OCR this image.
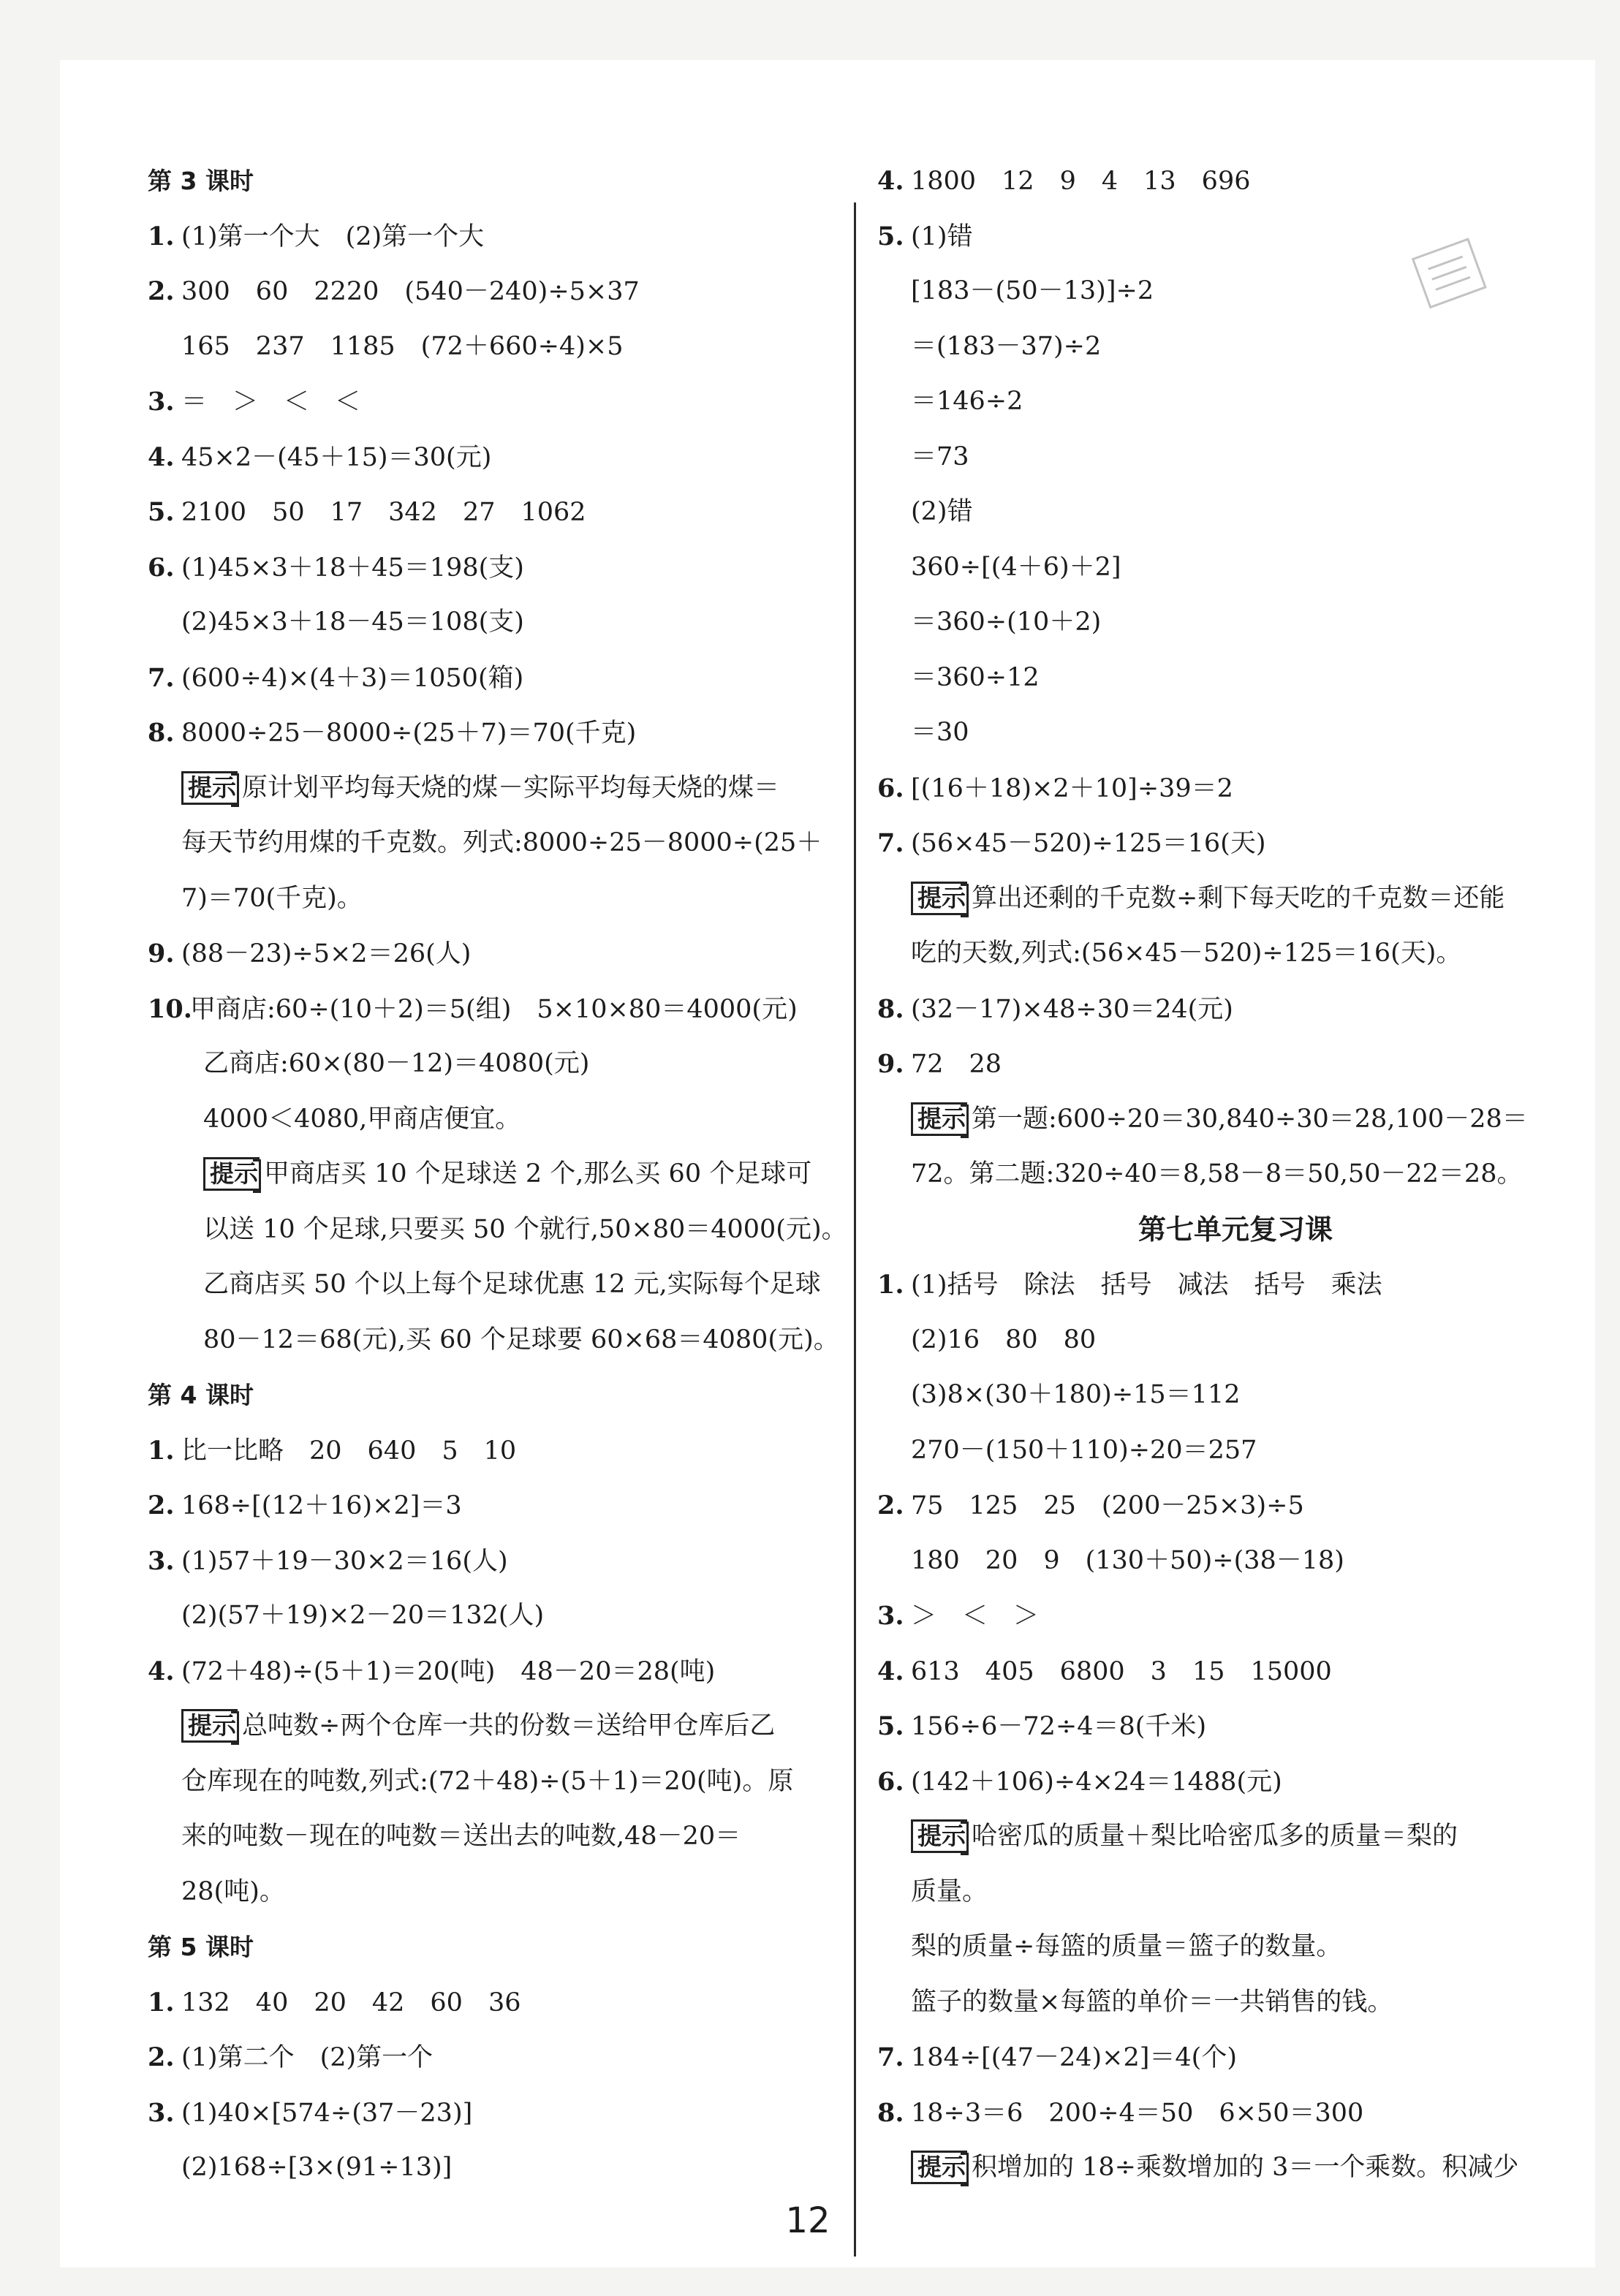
第 3 课时
1. (1)第一个大　(2)第一个大
2. 300　60　2220　(540－240)÷5×37
165　237　1185　(72＋660÷4)×5
3. ＝　＞　＜　＜
4. 45×2－(45＋15)＝30(元)
5. 2100　50　17　342　27　1062
6. (1)45×3＋18＋45＝198(支)
(2)45×3＋18－45＝108(支)
7. (600÷4)×(4＋3)＝1050(箱)
8. 8000÷25－8000÷(25＋7)＝70(千克)
提示 原计划平均每天烧的煤－实际平均每天烧的煤＝
每天节约用煤的千克数。列式:8000÷25－8000÷(25＋
7)＝70(千克)。
9. (88－23)÷5×2＝26(人)
10.甲商店:60÷(10＋2)＝5(组)　5×10×80＝4000(元)
乙商店:60×(80－12)＝4080(元)
4000＜4080,甲商店便宜。
提示 甲商店买 10 个足球送 2 个,那么买 60 个足球可
以送 10 个足球,只要买 50 个就行,50×80＝4000(元)。
乙商店买 50 个以上每个足球优惠 12 元,实际每个足球
80－12＝68(元),买 60 个足球要 60×68＝4080(元)。
第 4 课时
1. 比一比略　20　640　5　10
2. 168÷[(12＋16)×2]＝3
3. (1)57＋19－30×2＝16(人)
(2)(57＋19)×2－20＝132(人)
4. (72＋48)÷(5＋1)＝20(吨)　48－20＝28(吨)
提示 总吨数÷两个仓库一共的份数＝送给甲仓库后乙
仓库现在的吨数,列式:(72＋48)÷(5＋1)＝20(吨)。原
来的吨数－现在的吨数＝送出去的吨数,48－20＝
28(吨)。
第 5 课时
1. 132　40　20　42　60　36
2. (1)第二个　(2)第一个
3. (1)40×[574÷(37－23)]
(2)168÷[3×(91÷13)]
4. 1800　12　9　4　13　696
5. (1)错
[183－(50－13)]÷2
＝(183－37)÷2
＝146÷2
＝73
(2)错
360÷[(4＋6)＋2]
＝360÷(10＋2)
＝360÷12
＝30
6. [(16＋18)×2＋10]÷39＝2
7. (56×45－520)÷125＝16(天)
提示 算出还剩的千克数÷剩下每天吃的千克数＝还能
吃的天数,列式:(56×45－520)÷125＝16(天)。
8. (32－17)×48÷30＝24(元)
9. 72　28
提示 第一题:600÷20＝30,840÷30＝28,100－28＝
72。第二题:320÷40＝8,58－8＝50,50－22＝28。
第七单元复习课
1. (1)括号　除法　括号　减法　括号　乘法
(2)16　80　80
(3)8×(30＋180)÷15＝112
270－(150＋110)÷20＝257
2. 75　125　25　(200－25×3)÷5
180　20　9　(130＋50)÷(38－18)
3. ＞　＜　＞
4. 613　405　6800　3　15　15000
5. 156÷6－72÷4＝8(千米)
6. (142＋106)÷4×24＝1488(元)
提示 哈密瓜的质量＋梨比哈密瓜多的质量＝梨的
质量。
梨的质量÷每篮的质量＝篮子的数量。
篮子的数量×每篮的单价＝一共销售的钱。
7. 184÷[(47－24)×2]＝4(个)
8. 18÷3＝6　200÷4＝50　6×50＝300
提示 积增加的 18÷乘数增加的 3＝一个乘数。积减少
12
